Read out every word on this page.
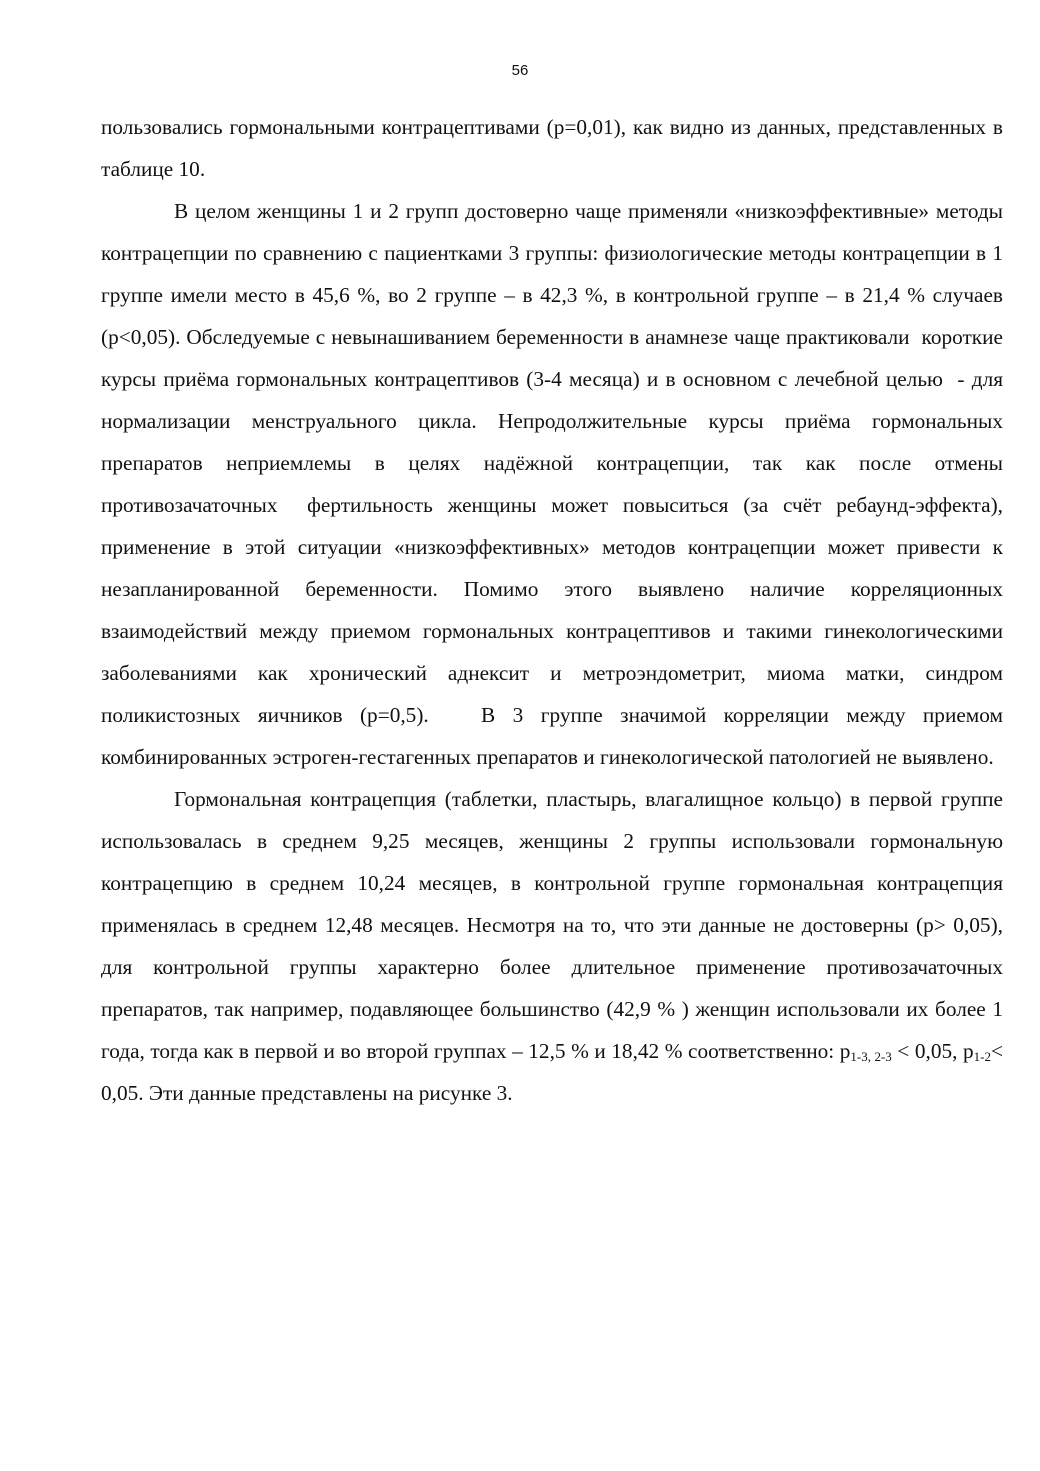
56

пользовались гормональными контрацептивами (р=0,01), как видно из данных, представленных в таблице 10.

В целом женщины 1 и 2 групп достоверно чаще применяли «низкоэффективные» методы контрацепции по сравнению с пациентками 3 группы: физиологические методы контрацепции в 1 группе имели место в 45,6 %, во 2 группе – в 42,3 %, в контрольной группе – в 21,4 % случаев (р<0,05). Обследуемые с невынашиванием беременности в анамнезе чаще практиковали  короткие курсы приёма гормональных контрацептивов (3-4 месяца) и в основном с лечебной целью  - для нормализации менструального цикла. Непродолжительные курсы приёма гормональных препаратов неприемлемы в целях надёжной контрацепции, так как после отмены противозачаточных  фертильность женщины может повыситься (за счёт ребаунд-эффекта), применение в этой ситуации «низкоэффективных» методов контрацепции может привести к незапланированной беременности. Помимо этого выявлено наличие корреляционных взаимодействий между приемом гормональных контрацептивов и такими гинекологическими заболеваниями как хронический аднексит и метроэндометрит, миома матки, синдром поликистозных яичников (р=0,5).   В 3 группе значимой корреляции между приемом комбинированных эстроген-гестагенных препаратов и гинекологической патологией не выявлено.

Гормональная контрацепция (таблетки, пластырь, влагалищное кольцо) в первой группе использовалась в среднем 9,25 месяцев, женщины 2 группы использовали гормональную контрацепцию в среднем 10,24 месяцев, в контрольной группе гормональная контрацепция применялась в среднем 12,48 месяцев. Несмотря на то, что эти данные не достоверны (р> 0,05), для контрольной группы характерно более длительное применение противозачаточных препаратов, так например, подавляющее большинство (42,9 % ) женщин использовали их более 1 года, тогда как в первой и во второй группах – 12,5 % и 18,42 % соответственно: $р_{1-3, 2-3} < 0,05$, $р_{1-2}< 0,05$. Эти данные представлены на рисунке 3.
